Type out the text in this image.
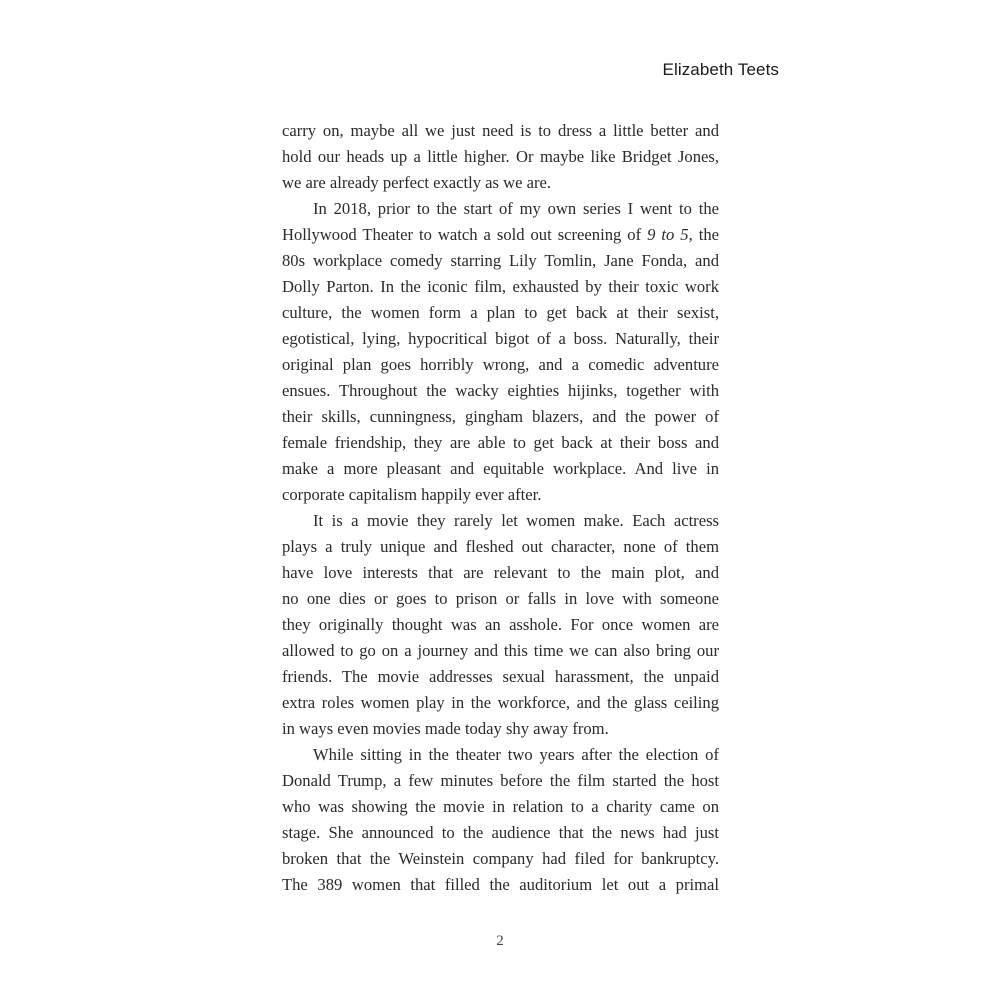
Elizabeth Teets
carry on, maybe all we just need is to dress a little better and
hold our heads up a little higher. Or maybe like Bridget Jones,
we are already perfect exactly as we are.
In 2018, prior to the start of my own series I went to the
Hollywood Theater to watch a sold out screening of 9 to 5, the
80s workplace comedy starring Lily Tomlin, Jane Fonda, and
Dolly Parton. In the iconic film, exhausted by their toxic work
culture, the women form a plan to get back at their sexist,
egotistical, lying, hypocritical bigot of a boss. Naturally, their
original plan goes horribly wrong, and a comedic adventure
ensues. Throughout the wacky eighties hijinks, together with
their skills, cunningness, gingham blazers, and the power of
female friendship, they are able to get back at their boss and
make a more pleasant and equitable workplace. And live in
corporate capitalism happily ever after.
It is a movie they rarely let women make. Each actress
plays a truly unique and fleshed out character, none of them
have love interests that are relevant to the main plot, and
no one dies or goes to prison or falls in love with someone
they originally thought was an asshole. For once women are
allowed to go on a journey and this time we can also bring our
friends. The movie addresses sexual harassment, the unpaid
extra roles women play in the workforce, and the glass ceiling
in ways even movies made today shy away from.
While sitting in the theater two years after the election of
Donald Trump, a few minutes before the film started the host
who was showing the movie in relation to a charity came on
stage. She announced to the audience that the news had just
broken that the Weinstein company had filed for bankruptcy.
The 389 women that filled the auditorium let out a primal
2
